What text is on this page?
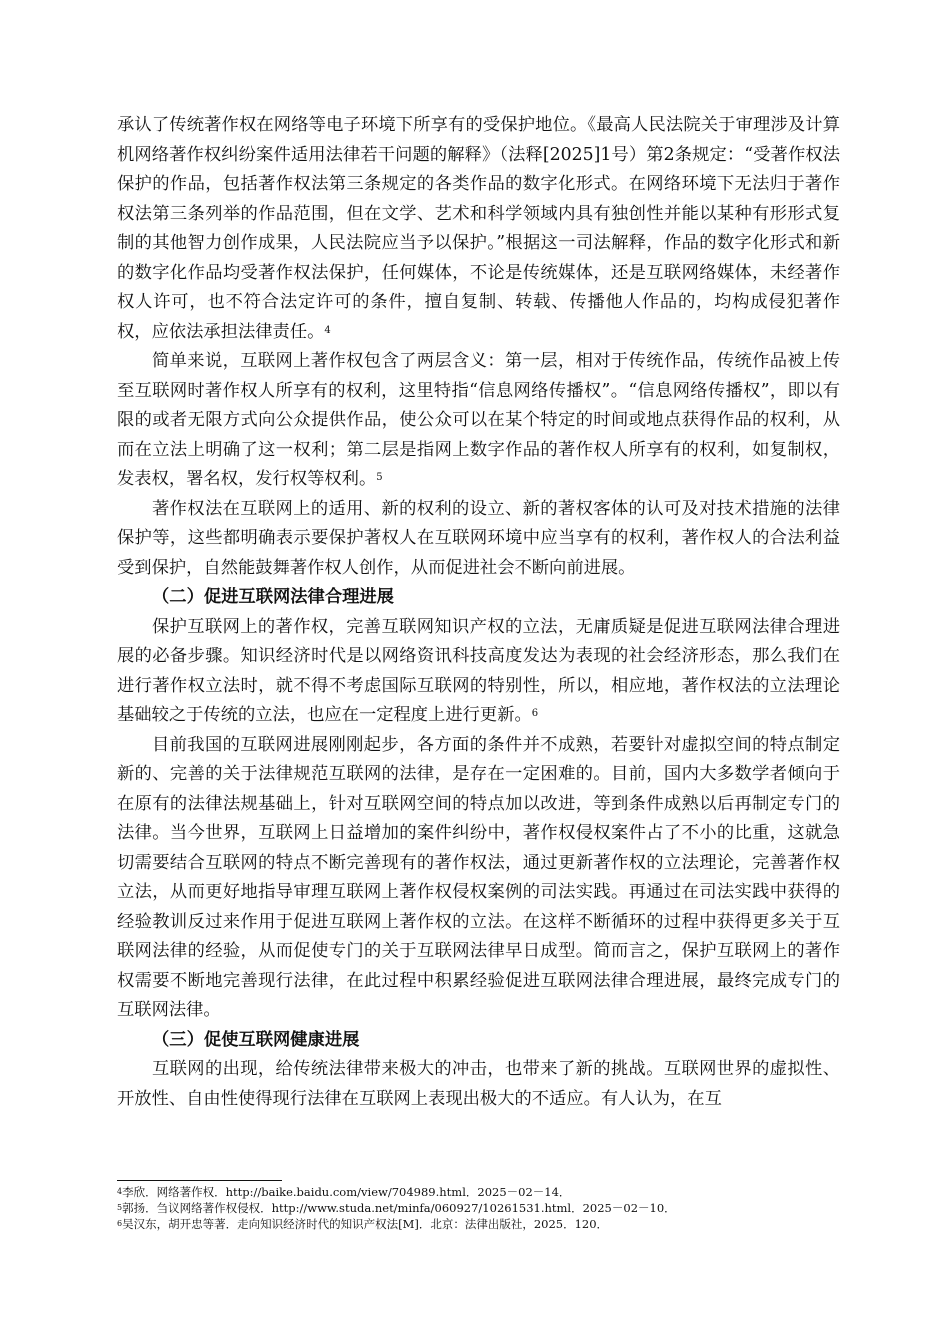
承认了传统著作权在网络等电子环境下所享有的受保护地位。《最高人民法院关于审理涉及计算机网络著作权纠纷案件适用法律若干问题的解释》（法释[2025]1号）第2条规定：“受著作权法保护的作品，包括著作权法第三条规定的各类作品的数字化形式。在网络环境下无法归于著作权法第三条列举的作品范围，但在文学、艺术和科学领域内具有独创性并能以某种有形形式复制的其他智力创作成果，人民法院应当予以保护。”根据这一司法解释，作品的数字化形式和新的数字化作品均受著作权法保护，任何媒体，不论是传统媒体，还是互联网络媒体，未经著作权人许可，也不符合法定许可的条件，擅自复制、转载、传播他人作品的，均构成侵犯著作权，应依法承担法律责任。$^4$

简单来说，互联网上著作权包含了两层含义：第一层，相对于传统作品，传统作品被上传至互联网时著作权人所享有的权利，这里特指“信息网络传播权”。“信息网络传播权”，即以有限的或者无限方式向公众提供作品，使公众可以在某个特定的时间或地点获得作品的权利，从而在立法上明确了这一权利；第二层是指网上数字作品的著作权人所享有的权利，如复制权，发表权，署名权，发行权等权利。$^5$

著作权法在互联网上的适用、新的权利的设立、新的著权客体的认可及对技术措施的法律保护等，这些都明确表示要保护著权人在互联网环境中应当享有的权利，著作权人的合法利益受到保护，自然能鼓舞著作权人创作，从而促进社会不断向前进展。

（二）促进互联网法律合理进展

保护互联网上的著作权，完善互联网知识产权的立法，无庸质疑是促进互联网法律合理进展的必备步骤。知识经济时代是以网络资讯科技高度发达为表现的社会经济形态，那么我们在进行著作权立法时，就不得不考虑国际互联网的特别性，所以，相应地，著作权法的立法理论基础较之于传统的立法，也应在一定程度上进行更新。$^6$

目前我国的互联网进展刚刚起步，各方面的条件并不成熟，若要针对虚拟空间的特点制定新的、完善的关于法律规范互联网的法律，是存在一定困难的。目前，国内大多数学者倾向于在原有的法律法规基础上，针对互联网空间的特点加以改进，等到条件成熟以后再制定专门的法律。当今世界，互联网上日益增加的案件纠纷中，著作权侵权案件占了不小的比重，这就急切需要结合互联网的特点不断完善现有的著作权法，通过更新著作权的立法理论，完善著作权立法，从而更好地指导审理互联网上著作权侵权案例的司法实践。再通过在司法实践中获得的经验教训反过来作用于促进互联网上著作权的立法。在这样不断循环的过程中获得更多关于互联网法律的经验，从而促使专门的关于互联网法律早日成型。简而言之，保护互联网上的著作权需要不断地完善现行法律，在此过程中积累经验促进互联网法律合理进展，最终完成专门的互联网法律。

（三）促使互联网健康进展

互联网的出现，给传统法律带来极大的冲击，也带来了新的挑战。互联网世界的虚拟性、开放性、自由性使得现行法律在互联网上表现出极大的不适应。有人认为，在互

$^4$李欣．网络著作权．http://baike.baidu.com/view/704989.html．2025－02－14．
$^5$郭扬．刍议网络著作权侵权．http://www.studa.net/minfa/060927/10261531.html．2025－02－10．
$^6$吴汉东，胡开忠等著．走向知识经济时代的知识产权法[M]．北京：法律出版社，2025．120．
